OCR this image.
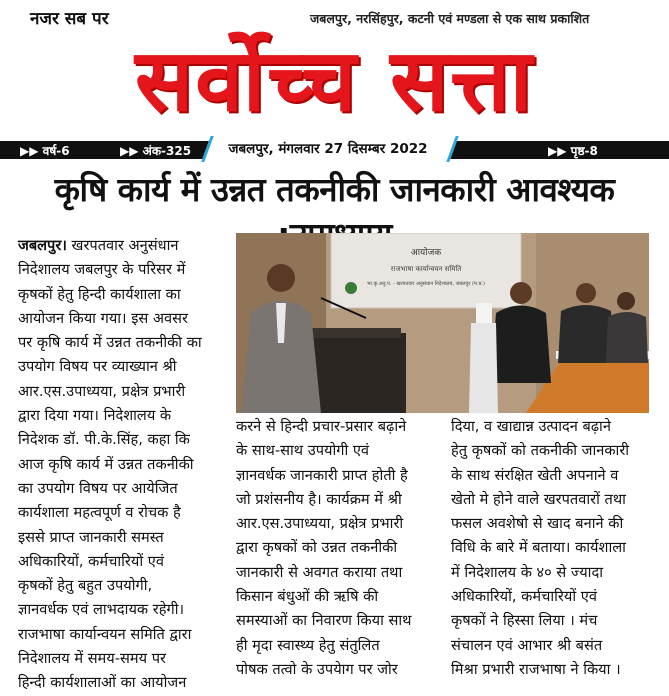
नजर सब पर	जबलपुर, नरसिंहपुर, कटनी एवं मण्डला से एक साथ प्रकाशित
सर्वोच्च सत्ता
जबलपुर, मंगलवार 27 दिसम्बर 2022
▶▶ वर्ष-6	▶▶ अंक-325	▶▶ पृष्ठ-8
कृषि कार्य में उन्नत तकनीकी जानकारी आवश्यक

जबलपुर। खरपतवार अनुसंधान

निदेशालय जबलपुर के परिसर में

कृषकों हेतु हिन्दी कार्यशाला का

आयोजन किया गया। इस अवसर

पर कृषि कार्य में उन्नत तकनीकी का

उपयोग विषय पर व्याख्यान श्री

आर.एस.उपाध्यया, प्रक्षेत्र प्रभारी

द्वारा दिया गया। निदेशालय के

निदेशक डॉ. पी.के.सिंह, कहा कि

आज कृषि कार्य में उन्नत तकनीकी

का उपयोग विषय पर आयेजित

कार्यशाला महत्वपूर्ण व रोचक है

इससे प्राप्त जानकारी समस्त

अधिकारियों, कर्मचारियों एवं

कृषकों हेतु बहुत उपयोगी,

ज्ञानवर्धक एवं लाभदायक रहेगी।

राजभाषा कार्यान्वयन समिति द्वारा

निदेशालय में समय-समय पर

हिन्दी कार्यशालाओं का आयोजन

आयोजक
राजभाषा कार्यान्वयन समिति
भा.कृ.अनु.प. - खरपतवार अनुसंधान निदेशालय, जबलपुर (म.प्र.)

करने से हिन्दी प्रचार-प्रसार बढ़ाने

के साथ-साथ उपयोगी एवं

ज्ञानवर्धक जानकारी प्राप्त होती है

जो प्रशंसनीय है। कार्यक्रम में श्री

आर.एस.उपाध्यया, प्रक्षेत्र प्रभारी

द्वारा कृषकों को उन्नत तकनीकी

जानकारी से अवगत कराया तथा

किसान बंधुओं की ऋषि की

समस्याओं का निवारण किया साथ

ही मृदा स्वास्थ्य हेतु संतुलित

पोषक तत्वो के उपयेाग पर जोर

दिया, व खाद्यान्न उत्पादन बढ़ाने

हेतु कृषकों को तकनीकी जानकारी

के साथ संरक्षित खेती अपनाने व

खेतो मे होने वाले खरपतवारों तथा

फसल अवशेषो से खाद बनाने की

विधि के बारे में बताया। कार्यशाला

में निदेशालय के ४० से ज्यादा

अधिकारियों, कर्मचारियों एवं

कृषकों ने हिस्सा लिया । मंच

संचालन एवं आभार श्री बसंत

मिश्रा प्रभारी राजभाषा ने किया ।
